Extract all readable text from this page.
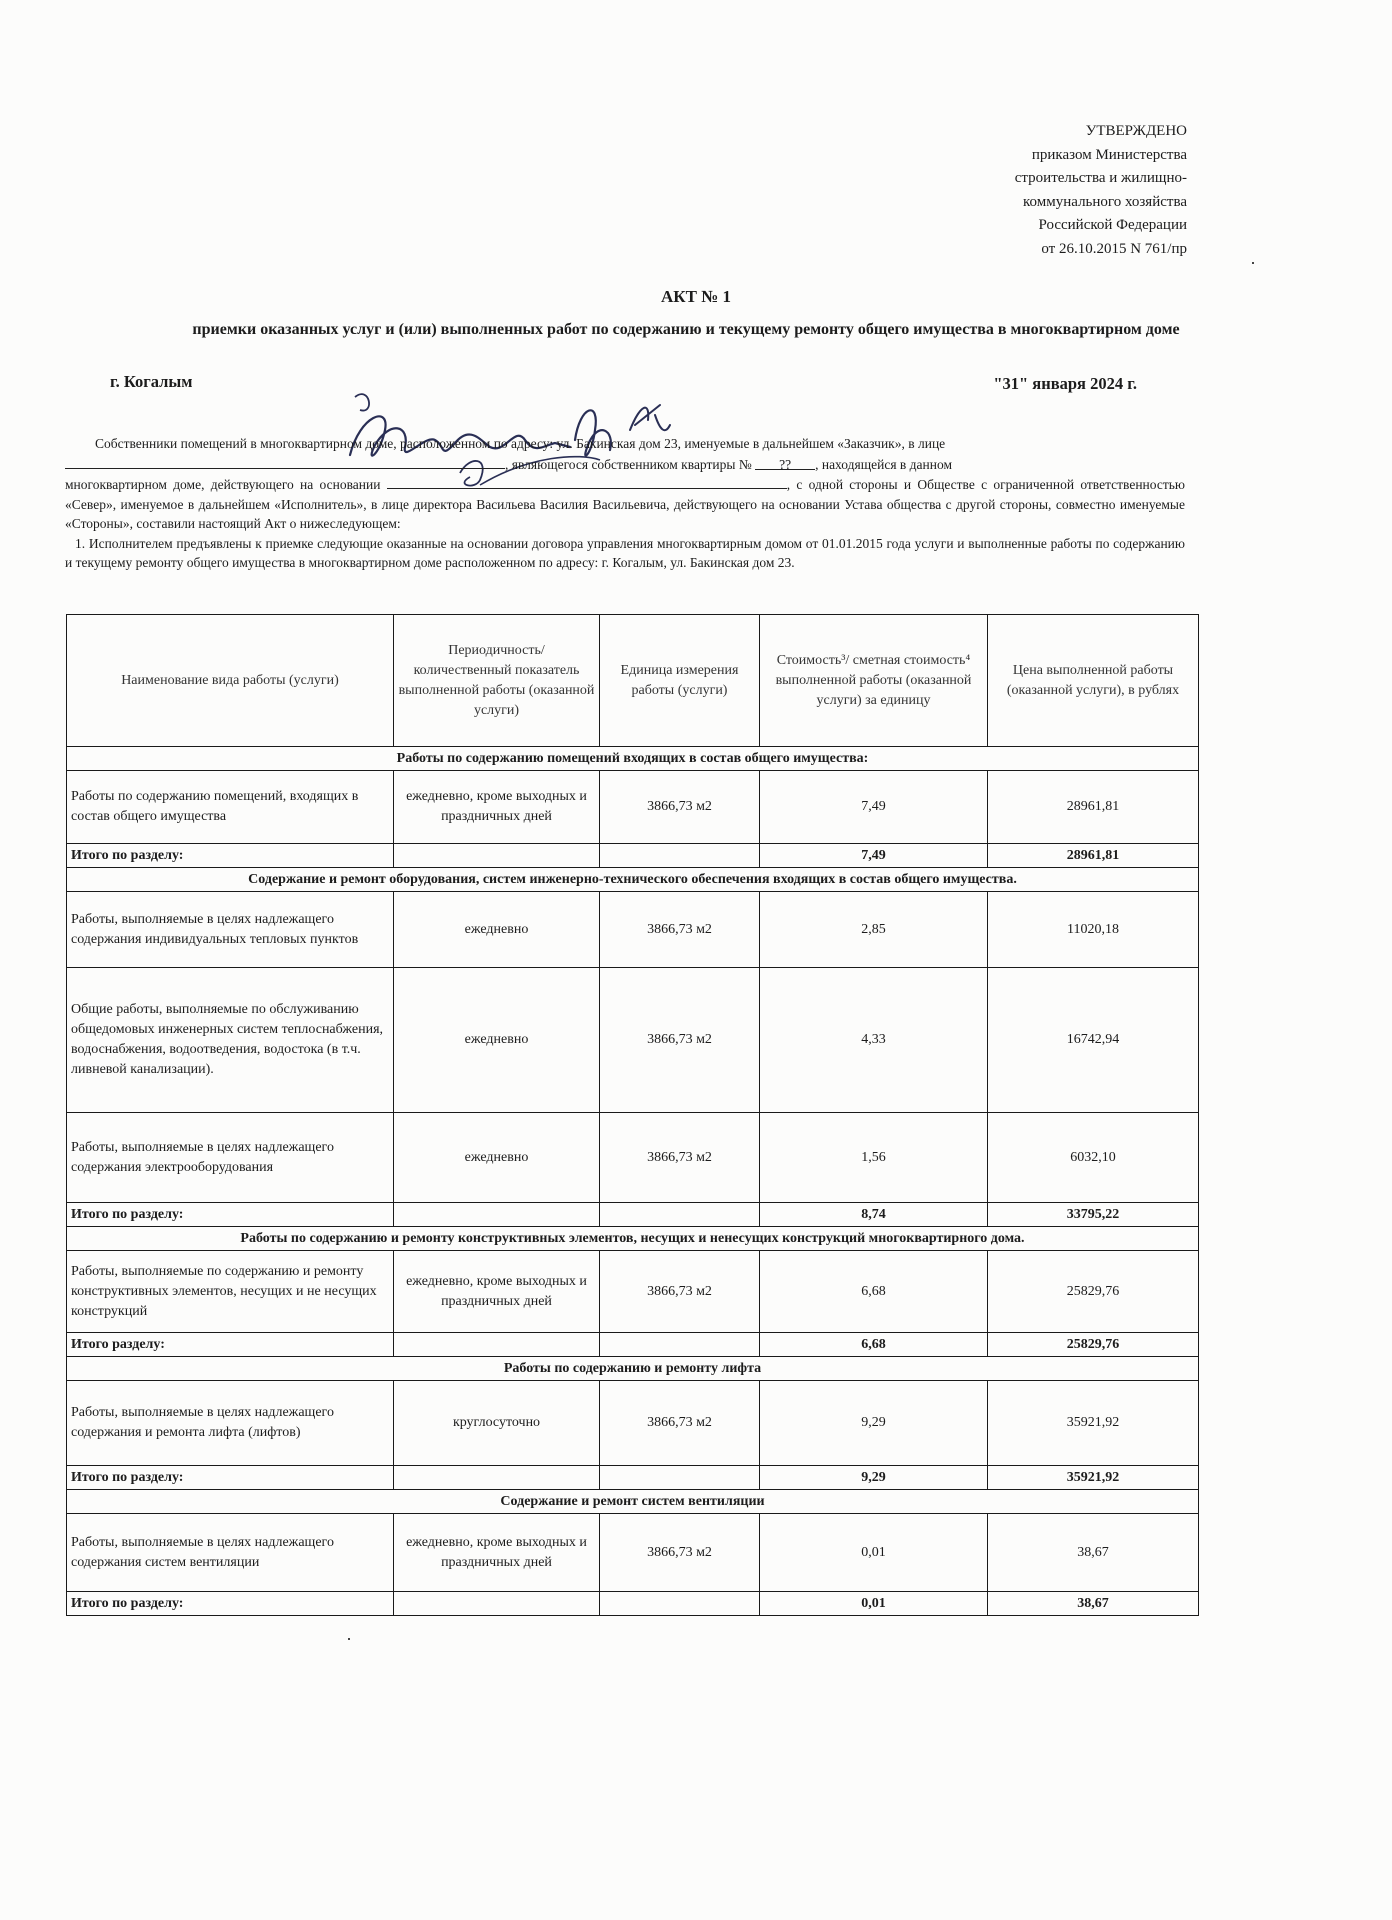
УТВЕРЖДЕНО
приказом Министерства
строительства и жилищно-
коммунального хозяйства
Российской Федерации
от 26.10.2015 N 761/пр
АКТ № 1
приемки оказанных услуг и (или) выполненных работ по содержанию и текущему ремонту общего имущества в многоквартирном доме
г. Когалым	"31" января 2024 г.

Собственники помещений в многоквартирном доме, расположенном по адресу: ул. Бакинская дом 23, именуемые в дальнейшем «Заказчик», в лице

, являющегося собственником квартиры № ?? , находящейся в данном

многоквартирном доме, действующего на основании	, с одной стороны и Обществе с ограниченной ответственностью «Север», именуемое в дальнейшем «Исполнитель», в лице директора Васильева Василия Васильевича, действующего на основании Устава общества с другой стороны, совместно именуемые «Стороны», составили настоящий Акт о нижеследующем:

1. Исполнителем предъявлены к приемке следующие оказанные на основании договора управления многоквартирным домом от 01.01.2015 года услуги и выполненные работы по содержанию и текущему ремонту общего имущества в многоквартирном доме расположенном по адресу: г. Когалым, ул. Бакинская дом 23.

Наименование вида работы (услуги)	Периодичность/ количественный показатель выполненной работы (оказанной услуги)	Единица измерения работы (услуги)	Стоимость³/ сметная стоимость⁴ выполненной работы (оказанной услуги) за единицу	Цена выполненной работы (оказанной услуги), в рублях
Работы по содержанию помещений входящих в состав общего имущества:				
Работы по содержанию помещений, входящих в состав общего имущества	ежедневно, кроме выходных и праздничных дней	3866,73 м2	7,49	28961,81
Итого по разделу:			7,49	28961,81
Содержание и ремонт оборудования, систем инженерно-технического обеспечения входящих в состав общего имущества.				
Работы, выполняемые в целях надлежащего содержания индивидуальных тепловых пунктов	ежедневно	3866,73 м2	2,85	11020,18
Общие работы, выполняемые по обслуживанию общедомовых инженерных систем теплоснабжения, водоснабжения, водоотведения, водостока (в т.ч. ливневой канализации).	ежедневно	3866,73 м2	4,33	16742,94
Работы, выполняемые в целях надлежащего содержания электрооборудования	ежедневно	3866,73 м2	1,56	6032,10
Итого по разделу:			8,74	33795,22
Работы по содержанию и ремонту конструктивных элементов, несущих и ненесущих конструкций многоквартирного дома.				
Работы, выполняемые по содержанию и ремонту конструктивных элементов, несущих и не несущих конструкций	ежедневно, кроме выходных и праздничных дней	3866,73 м2	6,68	25829,76
Итого разделу:			6,68	25829,76
Работы по содержанию и ремонту лифта				
Работы, выполняемые в целях надлежащего содержания и ремонта лифта (лифтов)	круглосуточно	3866,73 м2	9,29	35921,92
Итого по разделу:			9,29	35921,92
Содержание и ремонт систем вентиляции				
Работы, выполняемые в целях надлежащего содержания систем вентиляции	ежедневно, кроме выходных и праздничных дней	3866,73 м2	0,01	38,67
Итого по разделу:			0,01	38,67
